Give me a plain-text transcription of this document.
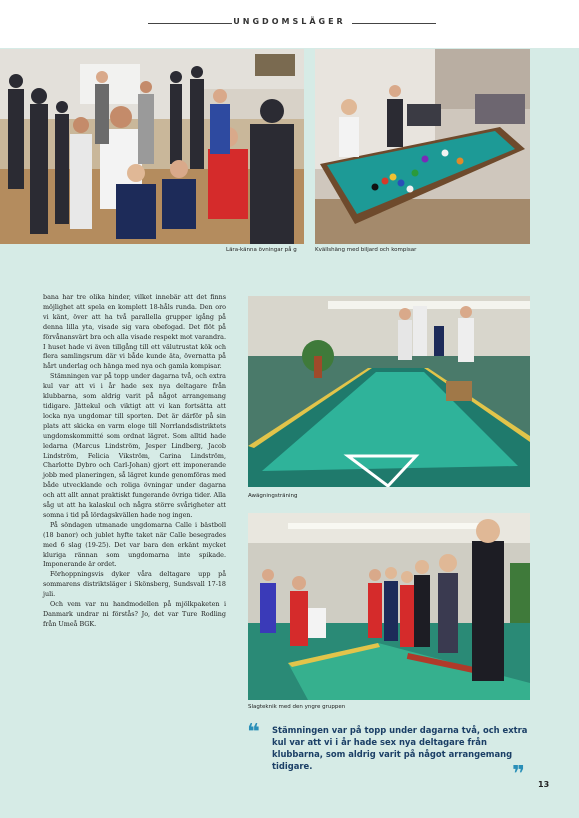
UNGDOMSLÄGER
Lära-känna övningar på g	Kvällshäng med biljard och kompisar

bana har tre olika hinder, vilket innebär att det finns möjlighet att spela en komplett 18-håls runda. Den oro vi känt, över att ha två parallella grupper igång på denna lilla yta, visade sig vara obefogad. Det flöt på förvånansvärt bra och alla visade respekt mot varandra. I huset hade vi även tillgång till ett välutrustat kök och flera samlingsrum där vi både kunde äta, övernatta på hårt underlag och hänga med nya och gamla kompisar.

Stämningen var på topp under dagarna två, och extra kul var att vi i år hade sex nya deltagare från klubbarna, som aldrig varit på något arrangemang tidigare. Jättekul och viktigt att vi kan fortsätta att locka nya ungdomar till sporten. Det är därför på sin plats att skicka en varm eloge till Norrlandsdistriktets ungdomskommitté som ordnat lägret. Som alltid hade ledarna (Marcus Lindström, Jesper Lindberg, Jacob Lindström, Felicia Vikström, Carina Lindström, Charlotte Dybro och Carl-Johan) gjort ett imponerande jobb med planeringen, så lägret kunde genomföras med både utvecklande och roliga övningar under dagarna och att allt annat praktiskt fungerande övriga tider. Alla såg ut att ha kalaskul och några större svårigheter att somna i tid på lördagskvällen hade nog ingen.

På söndagen utmanade ungdomarna Calle i bästboll (18 banor) och jublet hyfte taket när Calle besegrades med 6 slag (19-25). Det var bara den erkänt mycket kluriga rännan som ungdomarna inte spikade. Imponerande är ordet.

Förhoppningsvis dyker våra deltagare upp på sommarens distriktsläger i Skönsberg, Sundsvall 17-18 juli.

Och vem var nu handmodellen på mjölkpaketen i Danmark undrar ni förstås? Jo, det var Ture Rodling från Umeå BGK.

Awägningsträning
Slagteknik med den yngre gruppen
❝ Stämningen var på topp under dagarna två, och extra kul var att vi i år hade sex nya deltagare från klubbarna, som aldrig varit på något arrangemang tidigare.	❞ 13
